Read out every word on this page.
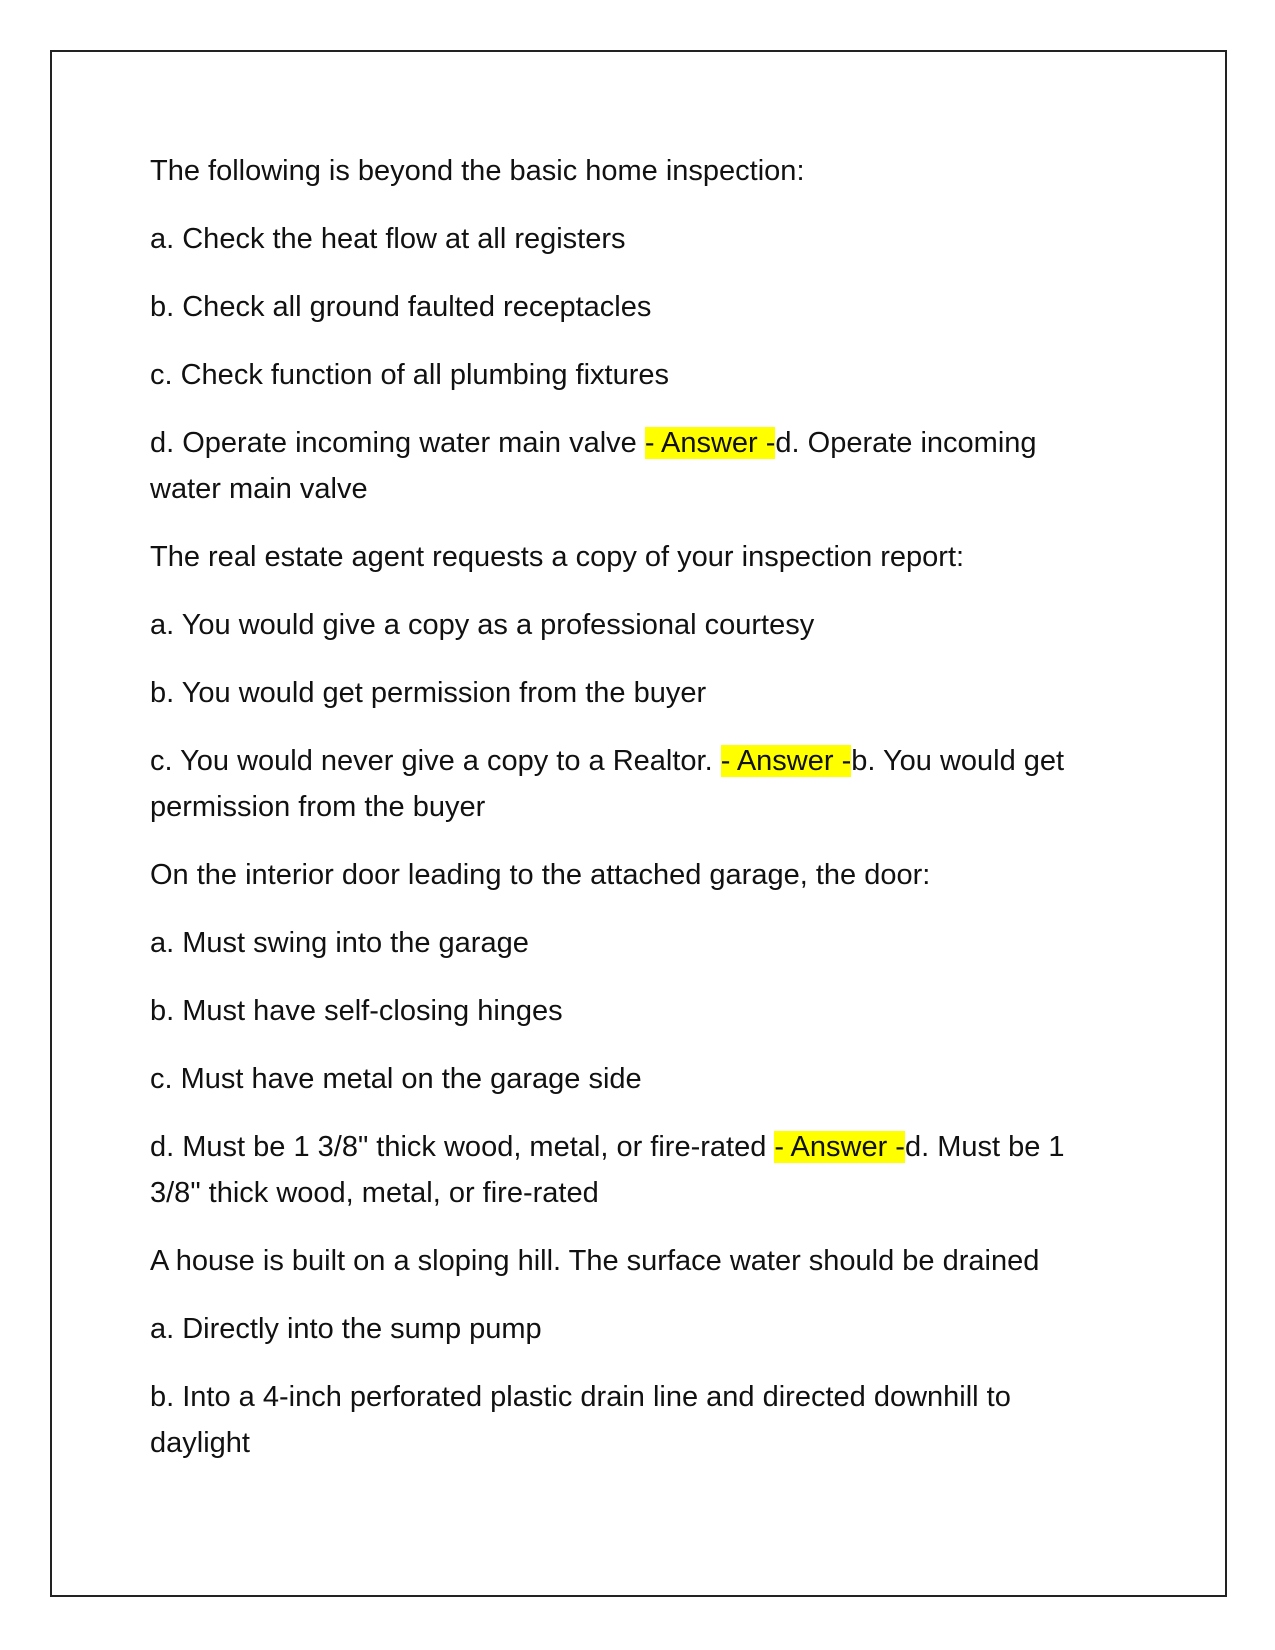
The following is beyond the basic home inspection:

a. Check the heat flow at all registers

b. Check all ground faulted receptacles

c. Check function of all plumbing fixtures

d. Operate incoming water main valve - Answer -d. Operate incoming water main valve

The real estate agent requests a copy of your inspection report:

a. You would give a copy as a professional courtesy

b. You would get permission from the buyer

c. You would never give a copy to a Realtor. - Answer -b. You would get permission from the buyer

On the interior door leading to the attached garage, the door:

a. Must swing into the garage

b. Must have self-closing hinges

c. Must have metal on the garage side

d. Must be 1 3/8" thick wood, metal, or fire-rated - Answer -d. Must be 1 3/8" thick wood, metal, or fire-rated

A house is built on a sloping hill. The surface water should be drained

a. Directly into the sump pump

b. Into a 4-inch perforated plastic drain line and directed downhill to daylight
